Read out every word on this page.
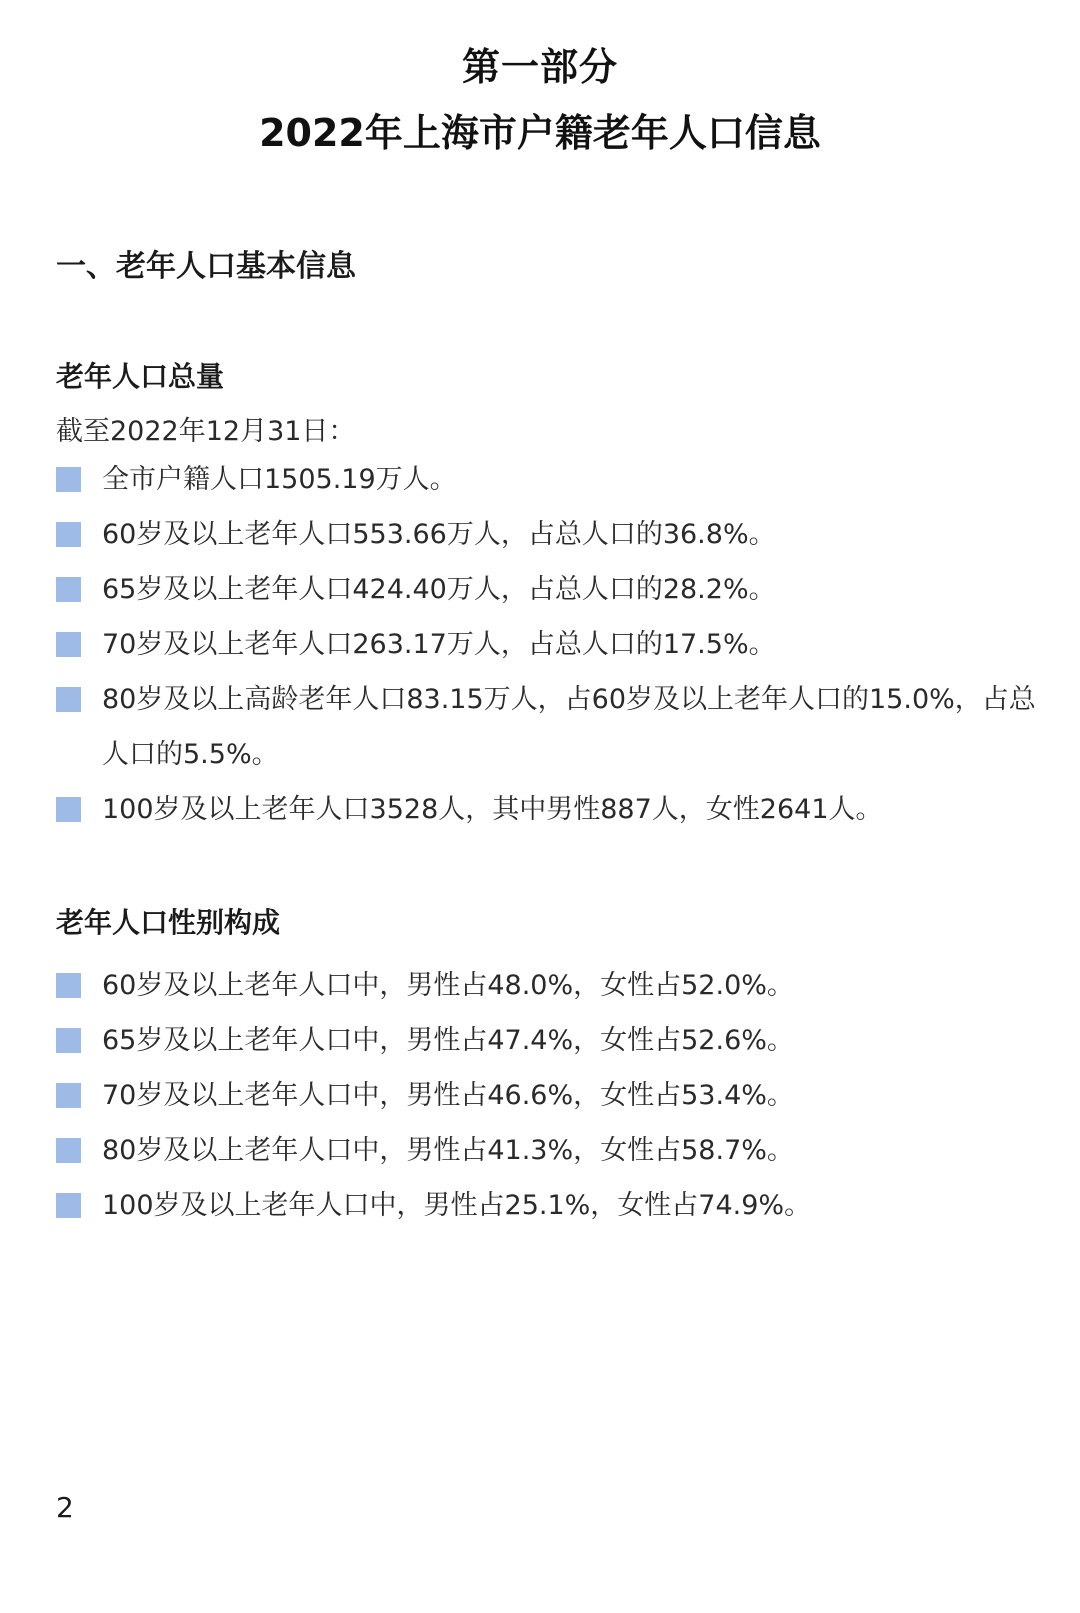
第一部分
2022年上海市户籍老年人口信息
一、老年人口基本信息
老年人口总量
截至2022年12月31日：
全市户籍人口1505.19万人。
60岁及以上老年人口553.66万人，占总人口的36.8%。
65岁及以上老年人口424.40万人，占总人口的28.2%。
70岁及以上老年人口263.17万人，占总人口的17.5%。
80岁及以上高龄老年人口83.15万人，占60岁及以上老年人口的15.0%，占总人口的5.5%。
100岁及以上老年人口3528人，其中男性887人，女性2641人。
老年人口性别构成
60岁及以上老年人口中，男性占48.0%，女性占52.0%。
65岁及以上老年人口中，男性占47.4%，女性占52.6%。
70岁及以上老年人口中，男性占46.6%，女性占53.4%。
80岁及以上老年人口中，男性占41.3%，女性占58.7%。
100岁及以上老年人口中，男性占25.1%，女性占74.9%。
2
